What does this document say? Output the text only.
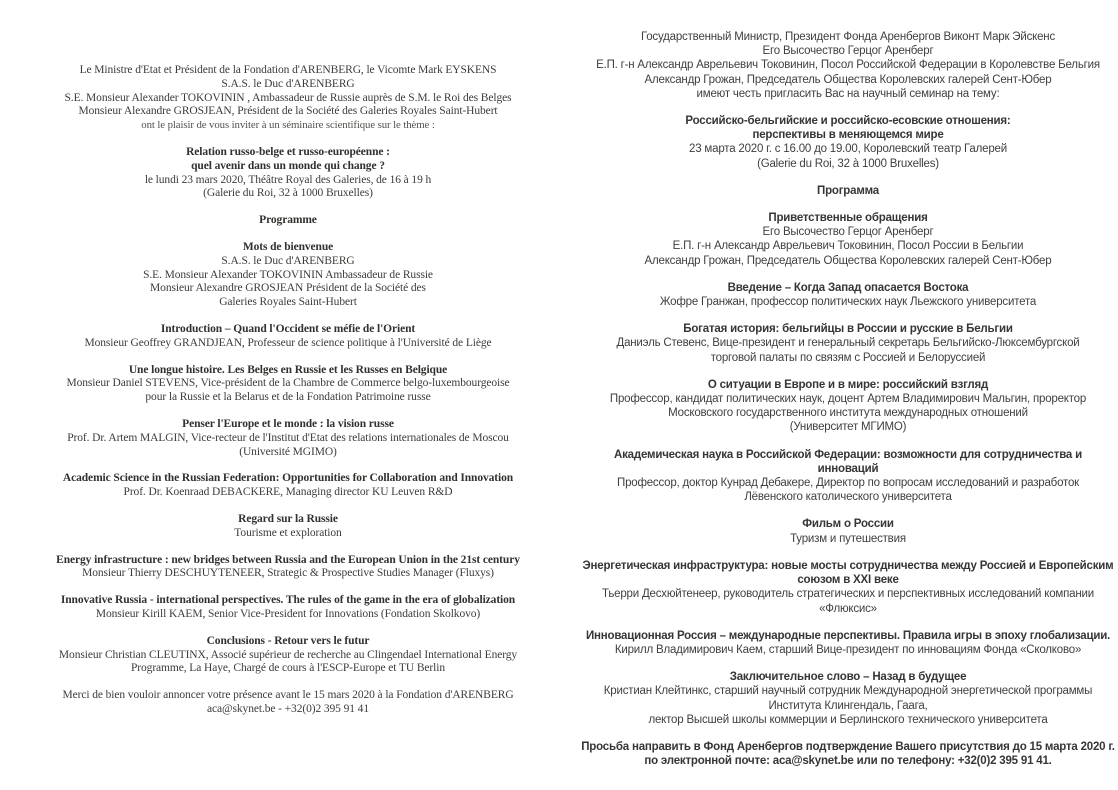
Le Ministre d'Etat et Président de la Fondation d'ARENBERG, le Vicomte Mark EYSKENS
S.A.S. le Duc d'ARENBERG
S.E. Monsieur Alexander TOKOVININ , Ambassadeur de Russie auprès de S.M. le Roi des Belges
Monsieur Alexandre GROSJEAN, Président de la Société des Galeries Royales Saint-Hubert
ont le plaisir de vous inviter à un séminaire scientifique sur le thème :
Relation russo-belge et russo-européenne :
quel avenir dans un monde qui change ?
le lundi 23 mars 2020, Théâtre Royal des Galeries, de 16 à 19 h
(Galerie du Roi, 32 à 1000 Bruxelles)
Programme
Mots de bienvenue
S.A.S. le Duc d'ARENBERG
S.E. Monsieur Alexander TOKOVININ Ambassadeur de Russie
Monsieur Alexandre GROSJEAN Président de la Société des
Galeries Royales Saint-Hubert
Introduction – Quand l'Occident se méfie de l'Orient
Monsieur Geoffrey GRANDJEAN, Professeur de science politique à l'Université de Liège
Une longue histoire. Les Belges en Russie et les Russes en Belgique
Monsieur Daniel STEVENS, Vice-président de la Chambre de Commerce belgo-luxembourgeoise
pour la Russie et la Belarus et de la Fondation Patrimoine russe
Penser l'Europe et le monde : la vision russe
Prof. Dr. Artem MALGIN, Vice-recteur de l'Institut d'Etat des relations internationales de Moscou
(Université MGIMO)
Academic Science in the Russian Federation: Opportunities for Collaboration and Innovation
Prof. Dr. Koenraad DEBACKERE, Managing director KU Leuven R&D
Regard sur la Russie
Tourisme et exploration
Energy infrastructure : new bridges between Russia and the European Union in the 21st century
Monsieur Thierry DESCHUYTENEER, Strategic & Prospective Studies Manager (Fluxys)
Innovative Russia - international perspectives. The rules of the game in the era of globalization
Monsieur Kirill KAEM, Senior Vice-President for Innovations (Fondation Skolkovo)
Conclusions - Retour vers le futur
Monsieur Christian CLEUTINX, Associé supérieur de recherche au Clingendael International Energy
Programme, La Haye, Chargé de cours à l'ESCP-Europe et TU Berlin
Merci de bien vouloir annoncer votre présence avant le 15 mars 2020 à la Fondation d'ARENBERG
aca@skynet.be - +32(0)2 395 91 41
Государственный Министр, Президент Фонда Аренбергов Виконт Марк Эйскенс
Его Высочество Герцог Аренберг
Е.П. г-н Александр Аврельевич Токовинин, Посол Российской Федерации в Королевстве Бельгия
Александр Грожан, Председатель Общества Королевских галерей Сент-Юбер
имеют честь пригласить Вас на научный семинар на тему:
Российско-бельгийские и российско-есовские отношения:
перспективы в меняющемся мире
23 марта 2020 г. с 16.00 до 19.00, Королевский театр Галерей
(Galerie du Roi, 32 à 1000 Bruxelles)
Программа
Приветственные обращения
Его Высочество Герцог Аренберг
Е.П. г-н Александр Аврельевич Токовинин, Посол России в Бельгии
Александр Грожан, Председатель Общества Королевских галерей Сент-Юбер
Введение – Когда Запад опасается Востока
Жофре Гранжан, профессор политических наук Льежского университета
Богатая история: бельгийцы в России и русские в Бельгии
Даниэль Стевенс, Вице-президент и генеральный секретарь Бельгийско-Люксембургской
торговой палаты по связям с Россией и Белоруссией
О ситуации в Европе и в мире: российский взгляд
Профессор, кандидат политических наук, доцент Артем Владимирович Мальгин, проректор
Московского государственного института международных отношений
(Университет МГИМО)
Академическая наука в Российской Федерации: возможности для сотрудничества и
инноваций
Профессор, доктор Кунрад Дебакере, Директор по вопросам исследований и разработок
Лёвенского католического университета
Фильм о России
Туризм и путешествия
Энергетическая инфраструктура: новые мосты сотрудничества между Россией и Европейским
союзом в XXI веке
Тьерри Десхюйтенеер, руководитель стратегических и перспективных исследований компании
«Флюксис»
Инновационная Россия – международные перспективы. Правила игры в эпоху глобализации.
Кирилл Владимирович Каем, старший Вице-президент по инновациям Фонда «Сколково»
Заключительное слово – Назад в будущее
Кристиан Клейтинкс, старший научный сотрудник Международной энергетической программы
Института Клингендаль, Гаага,
лектор Высшей школы коммерции и Берлинского технического университета
Просьба направить в Фонд Аренбергов подтверждение Вашего присутствия до 15 марта 2020 г.
по электронной почте: aca@skynet.be или по телефону: +32(0)2 395 91 41.
